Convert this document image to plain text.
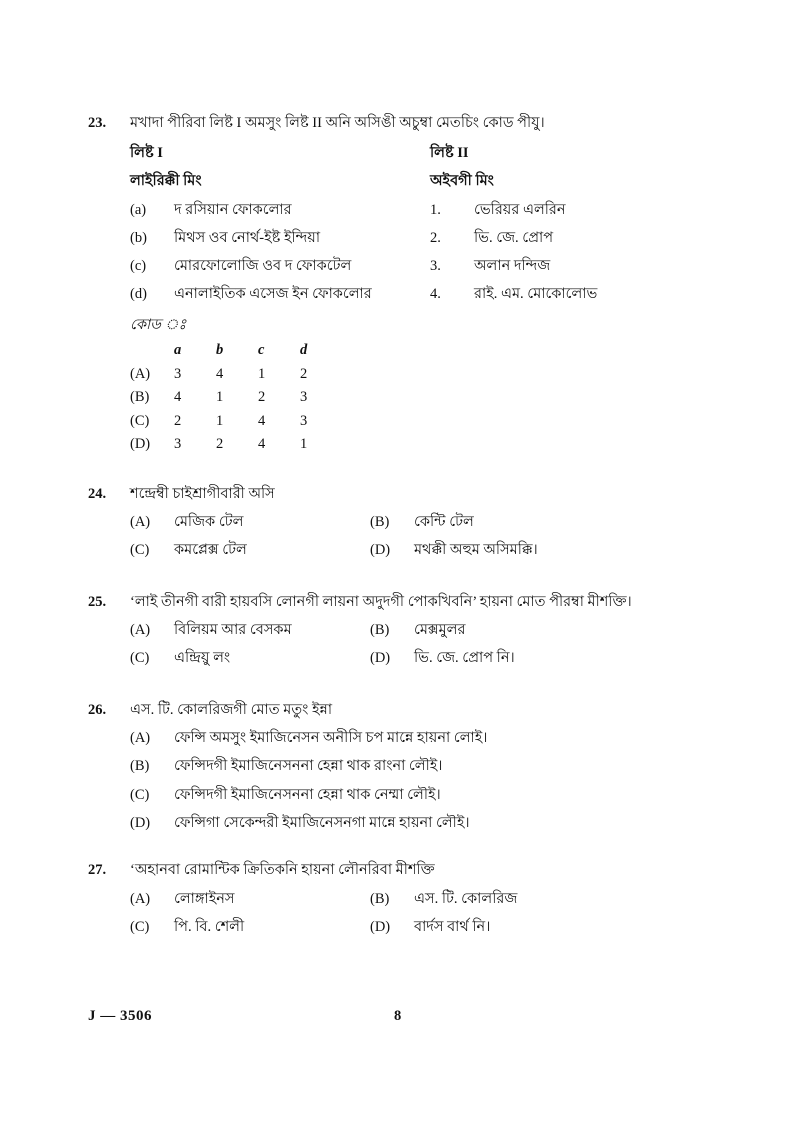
23.	মখাদা পীরিবা লিষ্ট I অমসুং লিষ্ট II অনি অসিঙী অচুম্বা মেতচিং কোড পীযু।
লিষ্ট I	লিষ্ট II
লাইরিক্কী মিং	অইবগী মিং
(a)	দ রসিয়ান ফোকলোর	1.	ভেরিয়র এলরিন
(b)	মিথস ওব নোর্থ-ইষ্ট ইন্দিয়া	2.	ভি. জে. প্রোপ
(c)	মোরফোলোজি ওব দ ফোকটেল	3.	অলান দন্দিজ
(d)	এনালাইতিক এসেজ ইন ফোকলোর	4.	রাই. এম. মোকোলোভ
কোড ঃ
	a	b	c	d
(A)	3	4	1	2
(B)	4	1	2	3
(C)	2	1	4	3
(D)	3	2	4	1
24.	শন্দ্রেম্বী চাইশ্রাগীবারী অসি
(A)	মেজিক টেল	(B)	কেন্টি টেল
(C)	কমপ্লেক্স টেল	(D)	মথক্কী অহুম অসিমক্কি।
25.	‘লাই তীনগী বারী হায়বসি লোনগী লায়না অদুদগী পোকখিবনি’ হায়না মোত পীরম্বা মীশক্তি।
(A)	বিলিয়ম আর বেসকম	(B)	মেক্সমুলর
(C)	এন্দ্রিয়ু লং	(D)	ভি. জে. প্রোপ নি।
26.	এস. টি. কোলরিজগী মোত মতুং ইন্না
(A)	ফেন্সি অমসুং ইমাজিনেসন অনীসি চপ মান্নে হায়না লোই।
(B)	ফেন্সিদগী ইমাজিনেসননা হেন্না থাক রাংনা লৌই।
(C)	ফেন্সিদগী ইমাজিনেসননা হেন্না থাক নেম্মা লৌই।
(D)	ফেন্সিগা সেকেন্দরী ইমাজিনেসনগা মান্নে হায়না লৌই।
27.	‘অহানবা রোমান্টিক ক্রিতিকনি হায়না লৌনরিবা মীশক্তি
(A)	লোঙ্গাইনস	(B)	এস. টি. কোলরিজ
(C)	পি. বি. শেলী	(D)	বার্দস বার্থ নি।
J — 3506	8
